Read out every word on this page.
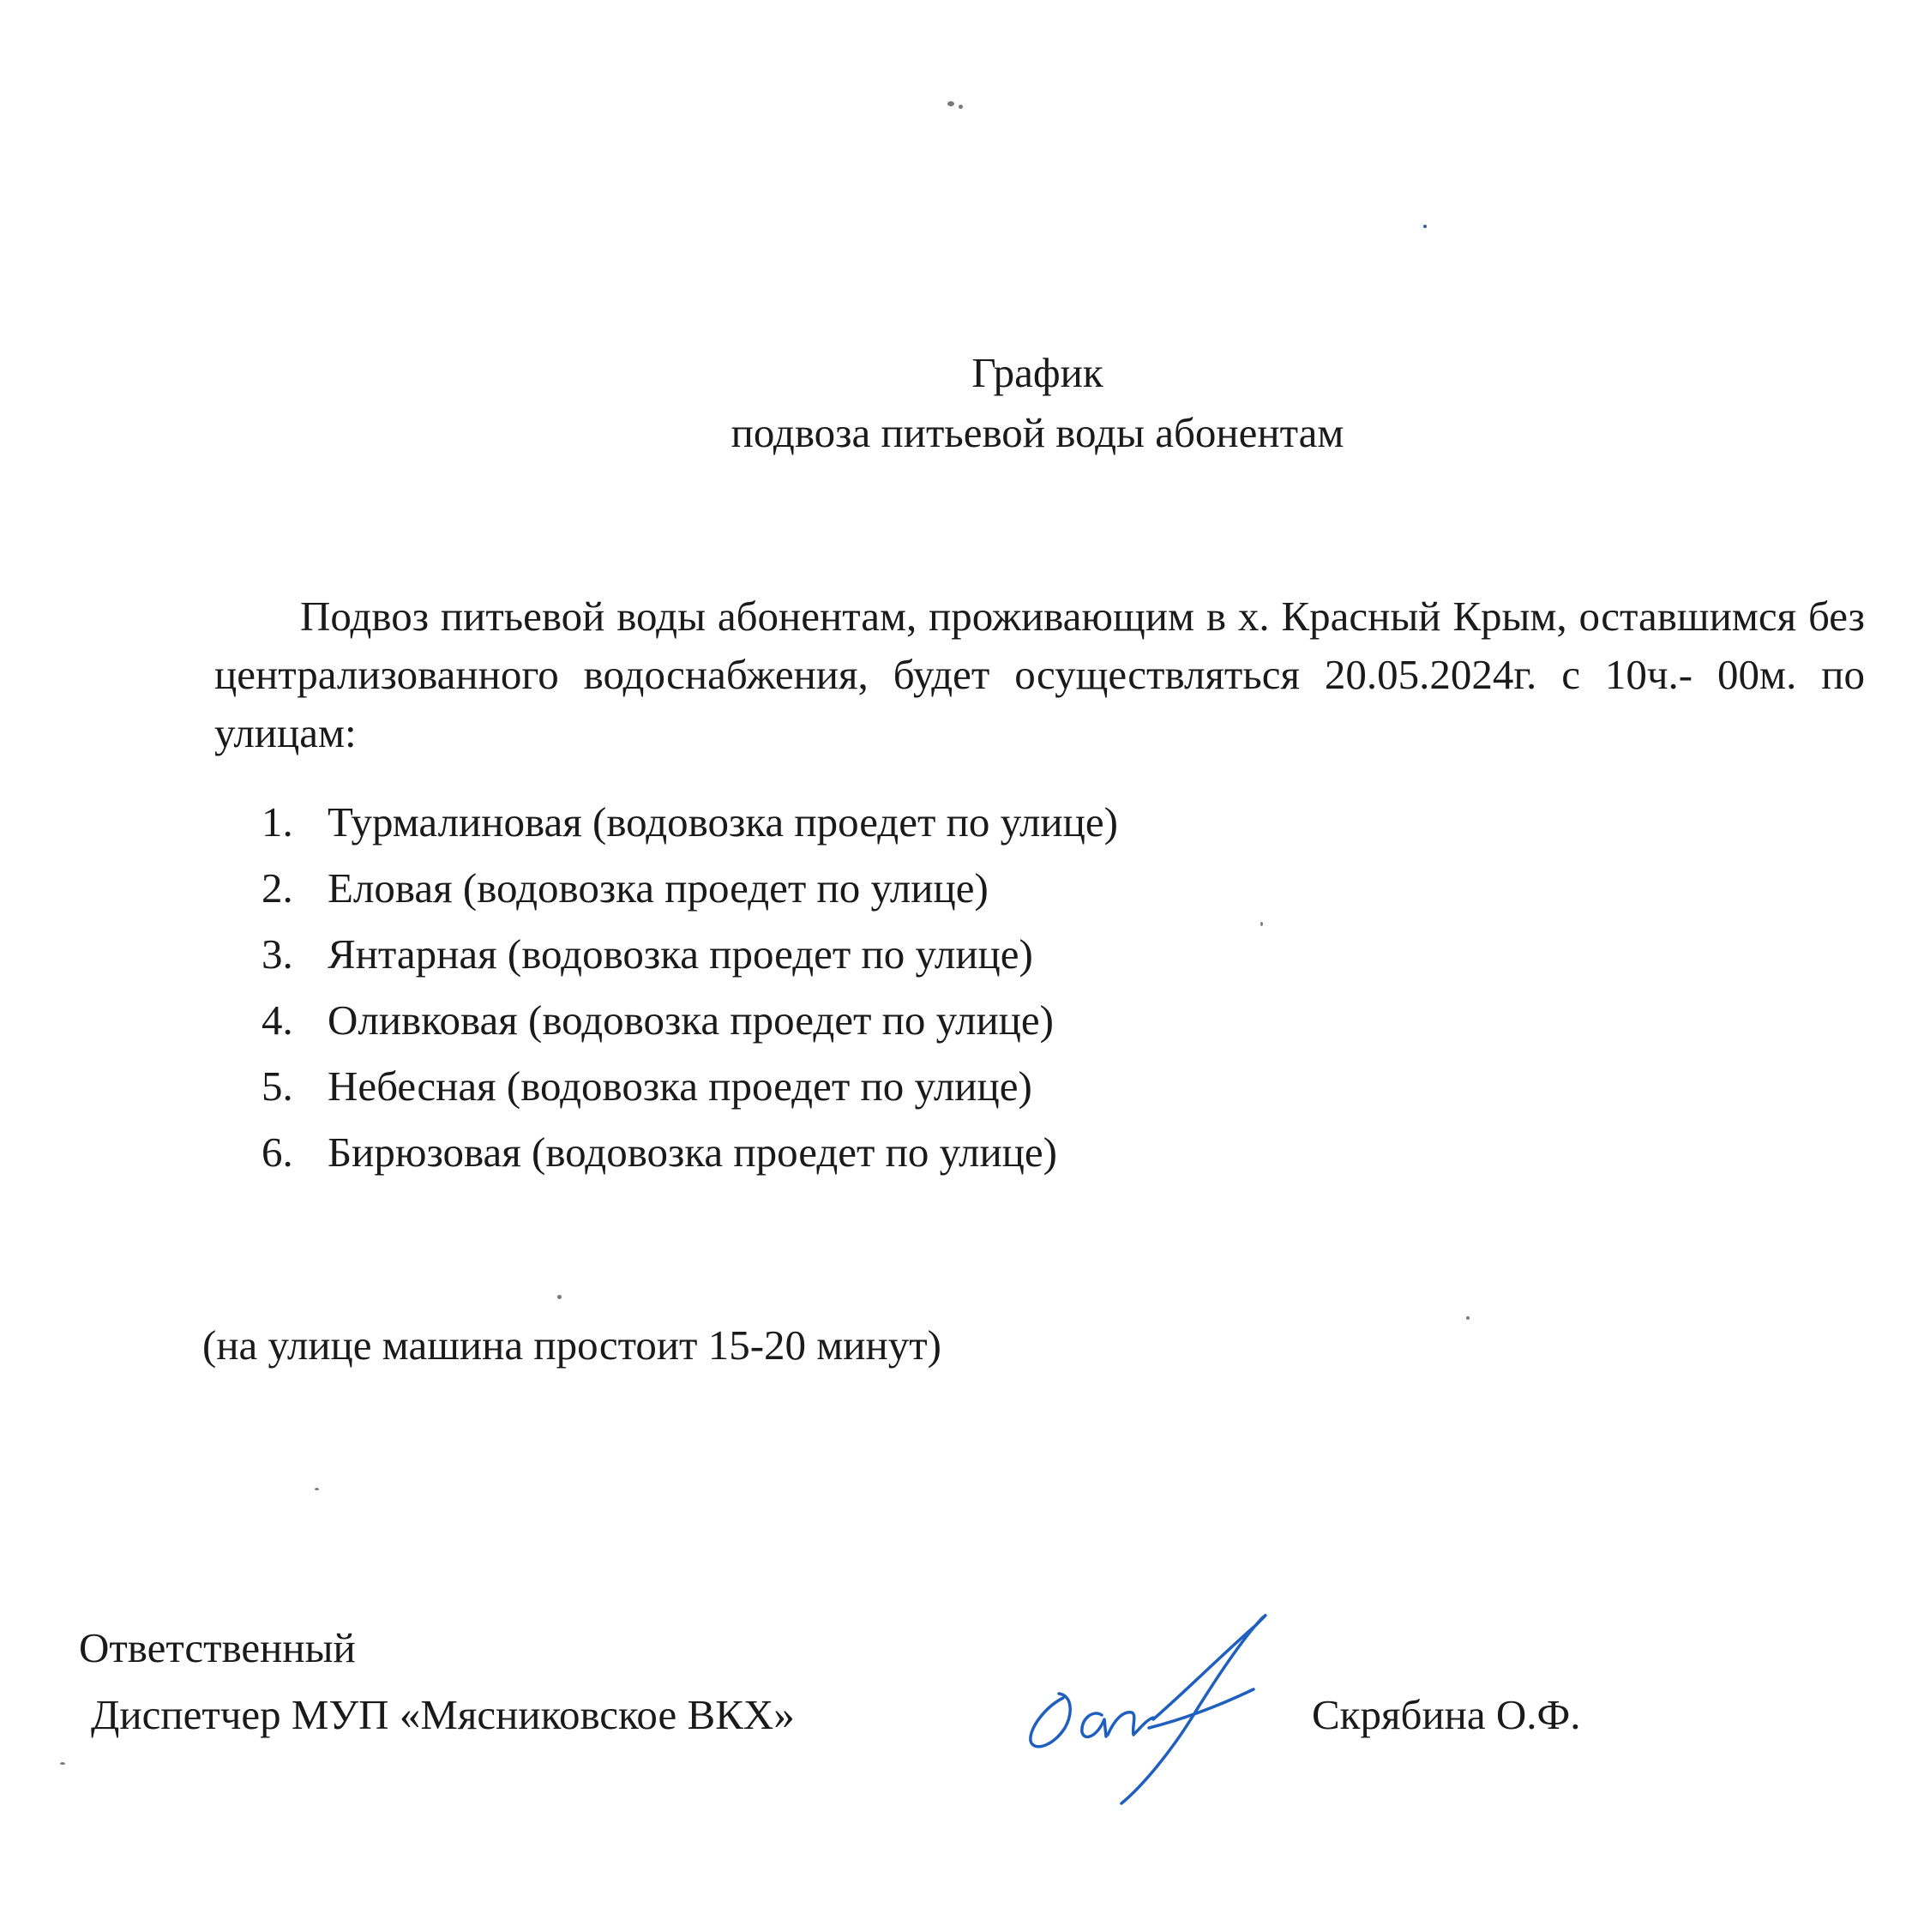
График
подвоза питьевой воды абонентам
Подвоз питьевой воды абонентам, проживающим в х. Красный Крым, оставшимся без централизованного водоснабжения, будет осуществляться 20.05.2024г. с 10ч.- 00м. по улицам:
1. Турмалиновая (водовозка проедет по улице)
2. Еловая (водовозка проедет по улице)
3. Янтарная (водовозка проедет по улице)
4. Оливковая (водовозка проедет по улице)
5. Небесная (водовозка проедет по улице)
6. Бирюзовая (водовозка проедет по улице)
(на улице машина простоит 15-20 минут)
Ответственный
Диспетчер МУП «Мясниковское ВКХ»	Скрябина О.Ф.
